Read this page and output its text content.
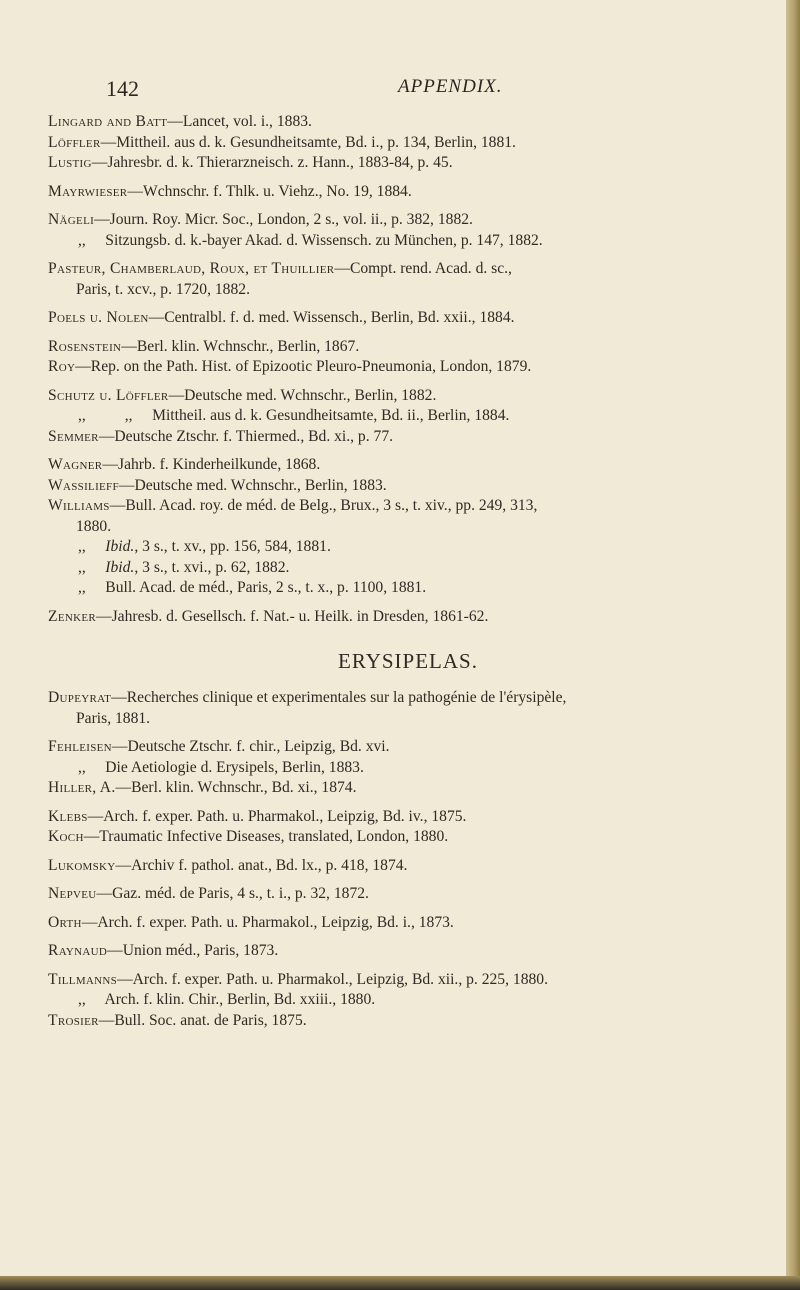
142	APPENDIX.

Lingard and Batt—Lancet, vol. i., 1883.

Löffler—Mittheil. aus d. k. Gesundheitsamte, Bd. i., p. 134, Berlin, 1881.

Lustig—Jahresbr. d. k. Thierarzneisch. z. Hann., 1883-84, p. 45.

Mayrwieser—Wchnschr. f. Thlk. u. Viehz., No. 19, 1884.

Nägeli—Journ. Roy. Micr. Soc., London, 2 s., vol. ii., p. 382, 1882.

,,  Sitzungsb. d. k.-bayer Akad. d. Wissensch. zu München, p. 147, 1882.

Pasteur, Chamberlaud, Roux, et Thuillier—Compt. rend. Acad. d. sc.,
Paris, t. xcv., p. 1720, 1882.

Poels u. Nolen—Centralbl. f. d. med. Wissensch., Berlin, Bd. xxii., 1884.

Rosenstein—Berl. klin. Wchnschr., Berlin, 1867.

Roy—Rep. on the Path. Hist. of Epizootic Pleuro-Pneumonia, London, 1879.

Schutz u. Löffler—Deutsche med. Wchnschr., Berlin, 1882.

,,          ,,  Mittheil. aus d. k. Gesundheitsamte, Bd. ii., Berlin, 1884.

Semmer—Deutsche Ztschr. f. Thiermed., Bd. xi., p. 77.

Wagner—Jahrb. f. Kinderheilkunde, 1868.

Wassilieff—Deutsche med. Wchnschr., Berlin, 1883.

Williams—Bull. Acad. roy. de méd. de Belg., Brux., 3 s., t. xiv., pp. 249, 313,
1880.

,,  Ibid., 3 s., t. xv., pp. 156, 584, 1881.

,,  Ibid., 3 s., t. xvi., p. 62, 1882.

,,  Bull. Acad. de méd., Paris, 2 s., t. x., p. 1100, 1881.

Zenker—Jahresb. d. Gesellsch. f. Nat.- u. Heilk. in Dresden, 1861-62.

ERYSIPELAS.

Dupeyrat—Recherches clinique et experimentales sur la pathogénie de l'érysipèle,
Paris, 1881.

Fehleisen—Deutsche Ztschr. f. chir., Leipzig, Bd. xvi.

,,  Die Aetiologie d. Erysipels, Berlin, 1883.

Hiller, A.—Berl. klin. Wchnschr., Bd. xi., 1874.

Klebs—Arch. f. exper. Path. u. Pharmakol., Leipzig, Bd. iv., 1875.

Koch—Traumatic Infective Diseases, translated, London, 1880.

Lukomsky—Archiv f. pathol. anat., Bd. lx., p. 418, 1874.

Nepveu—Gaz. méd. de Paris, 4 s., t. i., p. 32, 1872.

Orth—Arch. f. exper. Path. u. Pharmakol., Leipzig, Bd. i., 1873.

Raynaud—Union méd., Paris, 1873.

Tillmanns—Arch. f. exper. Path. u. Pharmakol., Leipzig, Bd. xii., p. 225, 1880.

,,  Arch. f. klin. Chir., Berlin, Bd. xxiii., 1880.

Trosier—Bull. Soc. anat. de Paris, 1875.
